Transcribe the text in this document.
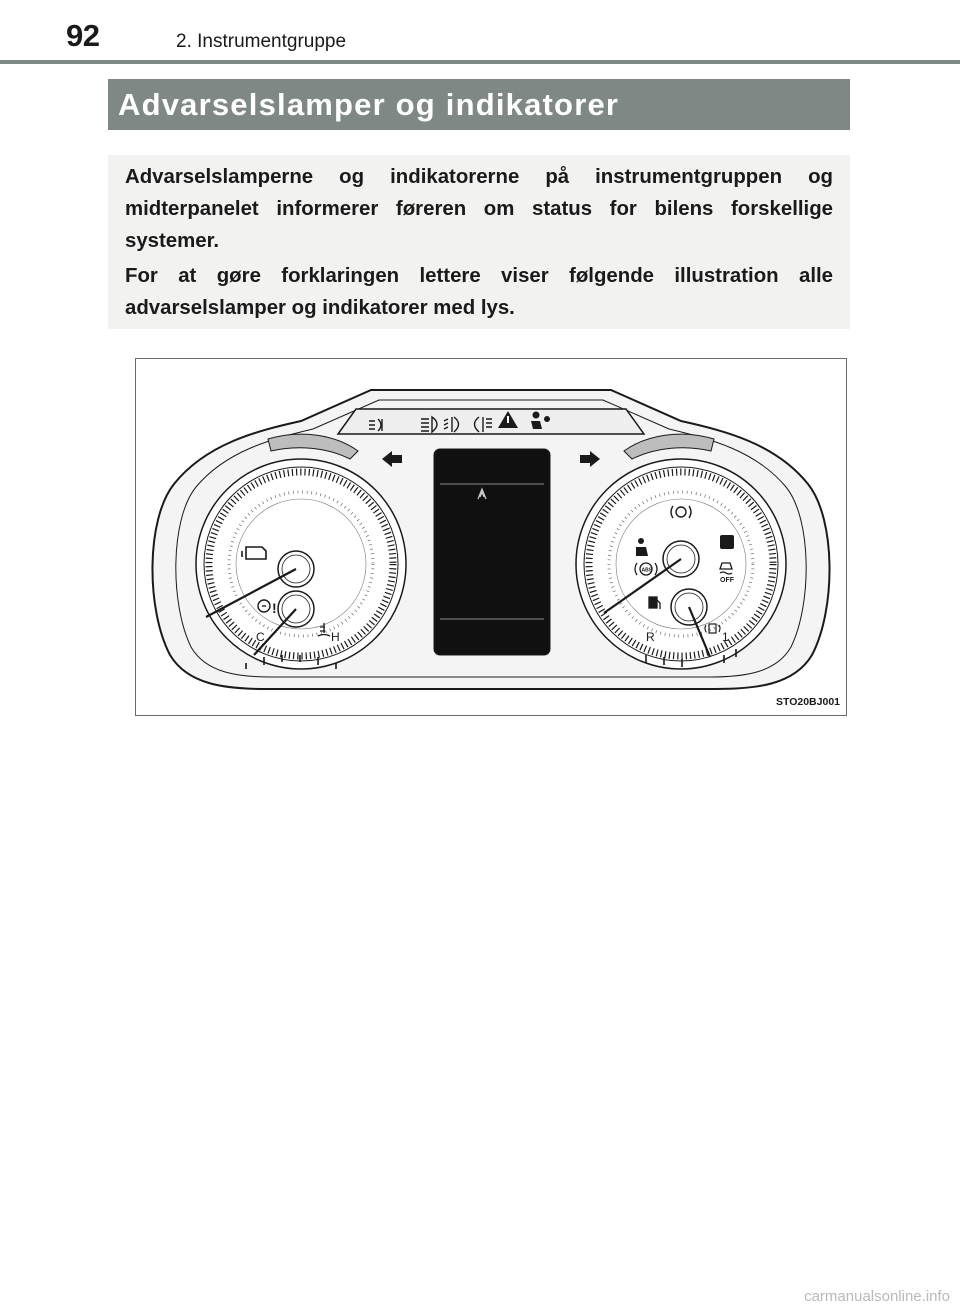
92	2. Instrumentgruppe
Advarselslamper og indikatorer

Advarselslamperne og indikatorerne på instrumentgruppen og midterpanelet informerer føreren om status for bilens forskellige systemer.

For at gøre forklaringen lettere viser følgende illustration alle advarselslamper og indikatorer med lys.

!
C	H
ABS
OFF
R	1
STO20BJ001
carmanualsonline.info
